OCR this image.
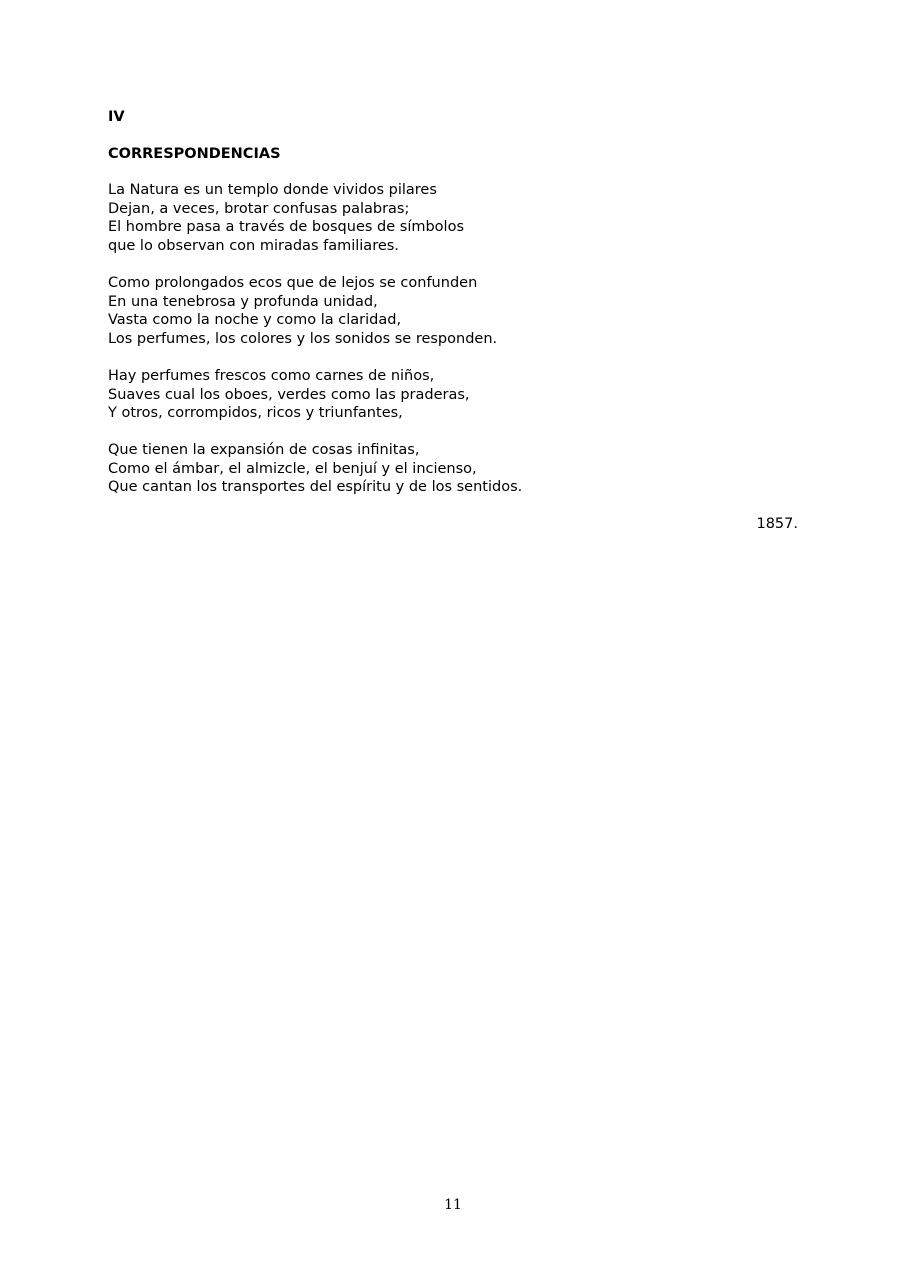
IV

CORRESPONDENCIAS
La Natura es un templo donde vividos pilares
Dejan, a veces, brotar confusas palabras;
El hombre pasa a través de bosques de símbolos
que lo observan con miradas familiares.
Como prolongados ecos que de lejos se confunden
En una tenebrosa y profunda unidad,
Vasta como la noche y como la claridad,
Los perfumes, los colores y los sonidos se responden.
Hay perfumes frescos como carnes de niños,
Suaves cual los oboes, verdes como las praderas,
Y otros, corrompidos, ricos y triunfantes,
Que tienen la expansión de cosas infinitas,
Como el ámbar, el almizcle, el benjuí y el incienso,
Que cantan los transportes del espíritu y de los sentidos.

1857.

11
